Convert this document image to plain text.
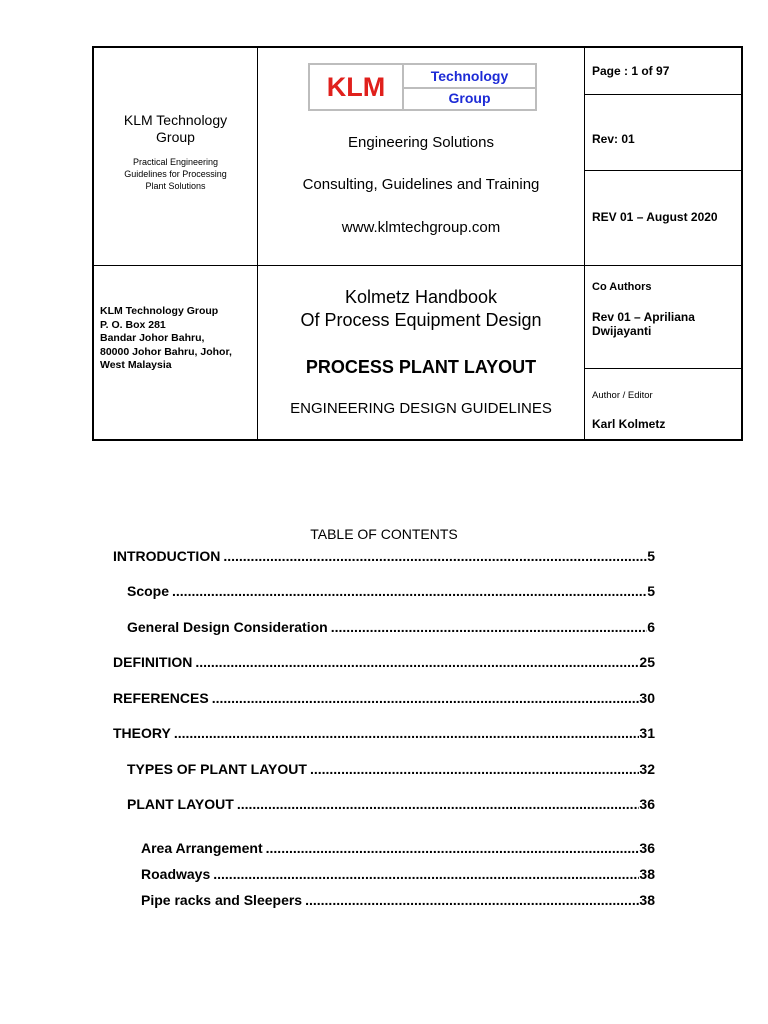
KLM Technology Group
Practical Engineering Guidelines for Processing Plant Solutions
KLM	Technology
Group
Engineering Solutions
Consulting, Guidelines and Training
www.klmtechgroup.com
Page : 1 of 97
Rev: 01
REV 01 – August 2020
KLM Technology Group
P. O. Box 281
Bandar Johor Bahru,
80000 Johor Bahru, Johor,
West Malaysia
Kolmetz Handbook
Of Process Equipment Design
PROCESS PLANT LAYOUT
ENGINEERING DESIGN GUIDELINES
Co Authors
Rev 01 – Apriliana Dwijayanti
Author / Editor
Karl Kolmetz
TABLE OF CONTENTS
INTRODUCTION .....	5
Scope .....	5
General Design Consideration .....	6
DEFINITION .....	25
REFERENCES .....	30
THEORY .....	31
TYPES OF PLANT LAYOUT .....	32
PLANT LAYOUT .....	36
Area Arrangement .....	36
Roadways .....	38
Pipe racks and Sleepers .....	38
